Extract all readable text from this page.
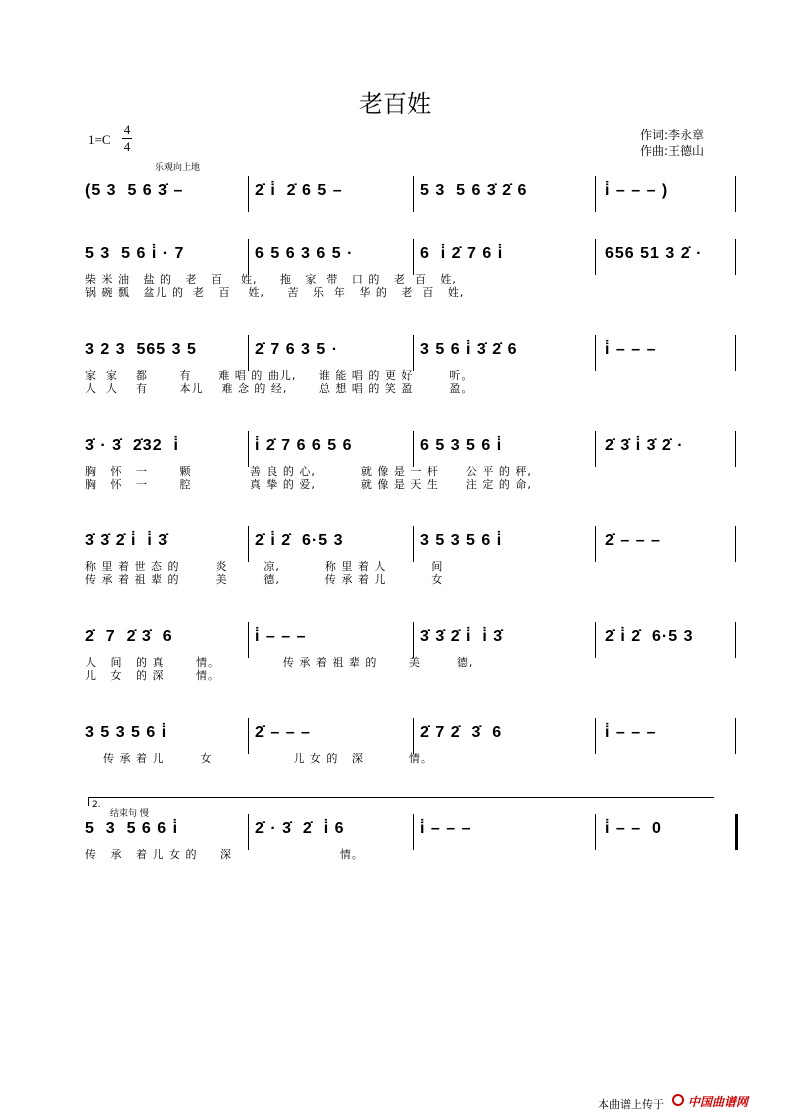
老百姓
1=C
4
4
作词:李永章
作曲:王德山
乐观向上地
(5 3  5 6 3̇ –	2̇ i̇  2̇ 6 5 –	5 3  5 6 3̇ 2̇ 6	i̇ – – – )
5 3  5 6 i̇ · 7	6 5 6 3 6 5 ·	6  i̇ 2̇ 7 6 i̇	656 51 3 2̇ ·
柴 米 油   盐 的   老   百    姓,     拖   家  带   口 的   老  百   姓,
锅 碗 瓢   盆儿 的  老   百    姓,     苦   乐  年   华 的   老  百   姓,
3 2 3  565 3 5	2̇ 7 6 3 5 ·	3 5 6 i̇ 3̇ 2̇ 6	i̇ – – –
家  家    都       有      难 唱 的 曲儿,     谁 能 唱 的 更 好        听。
人  人    有       本儿    难 念 的 经,       总 想 唱 的 笑 盈        盈。
3̇ · 3̇  2̇32  i̇	i̇ 2̇ 7 6 6 5 6	6 5 3 5 6 i̇	2̇ 3̇ i̇ 3̇ 2̇ ·
胸   怀   一       颗             善 良 的 心,          就 像 是 一 杆      公 平 的 秤,
胸   怀   一       腔             真 挚 的 爱,          就 像 是 天 生      注 定 的 命,
3̇ 3̇ 2̇ i̇  i̇ 3̇	2̇ i̇ 2̇  6·5 3	3 5 3 5 6 i̇	2̇ – – –
称 里 着 世 态 的        炎        凉,          称 里 着 人          间
传 承 着 祖 辈 的        美        德,          传 承 着 儿          女
2̇  7  2̇ 3̇  6	i̇ – – –	3̇ 3̇ 2̇ i̇  i̇ 3̇	2̇ i̇ 2̇  6·5 3
人   间   的 真       情。              传 承 着 祖 辈 的       美        德,
儿   女   的 深       情。
3 5 3 5 6 i̇	2̇ – – –	2̇ 7 2̇  3̇  6	i̇ – – –
传 承 着 儿        女                  儿 女 的   深          情。
5  3  5 6 6 i̇	2̇ · 3̇  2̇  i̇ 6	i̇ – – –	i̇ – –  0
传   承   着 儿 女 的     深                        情。
2.
结束句 慢
本曲谱上传于 中国曲谱网
